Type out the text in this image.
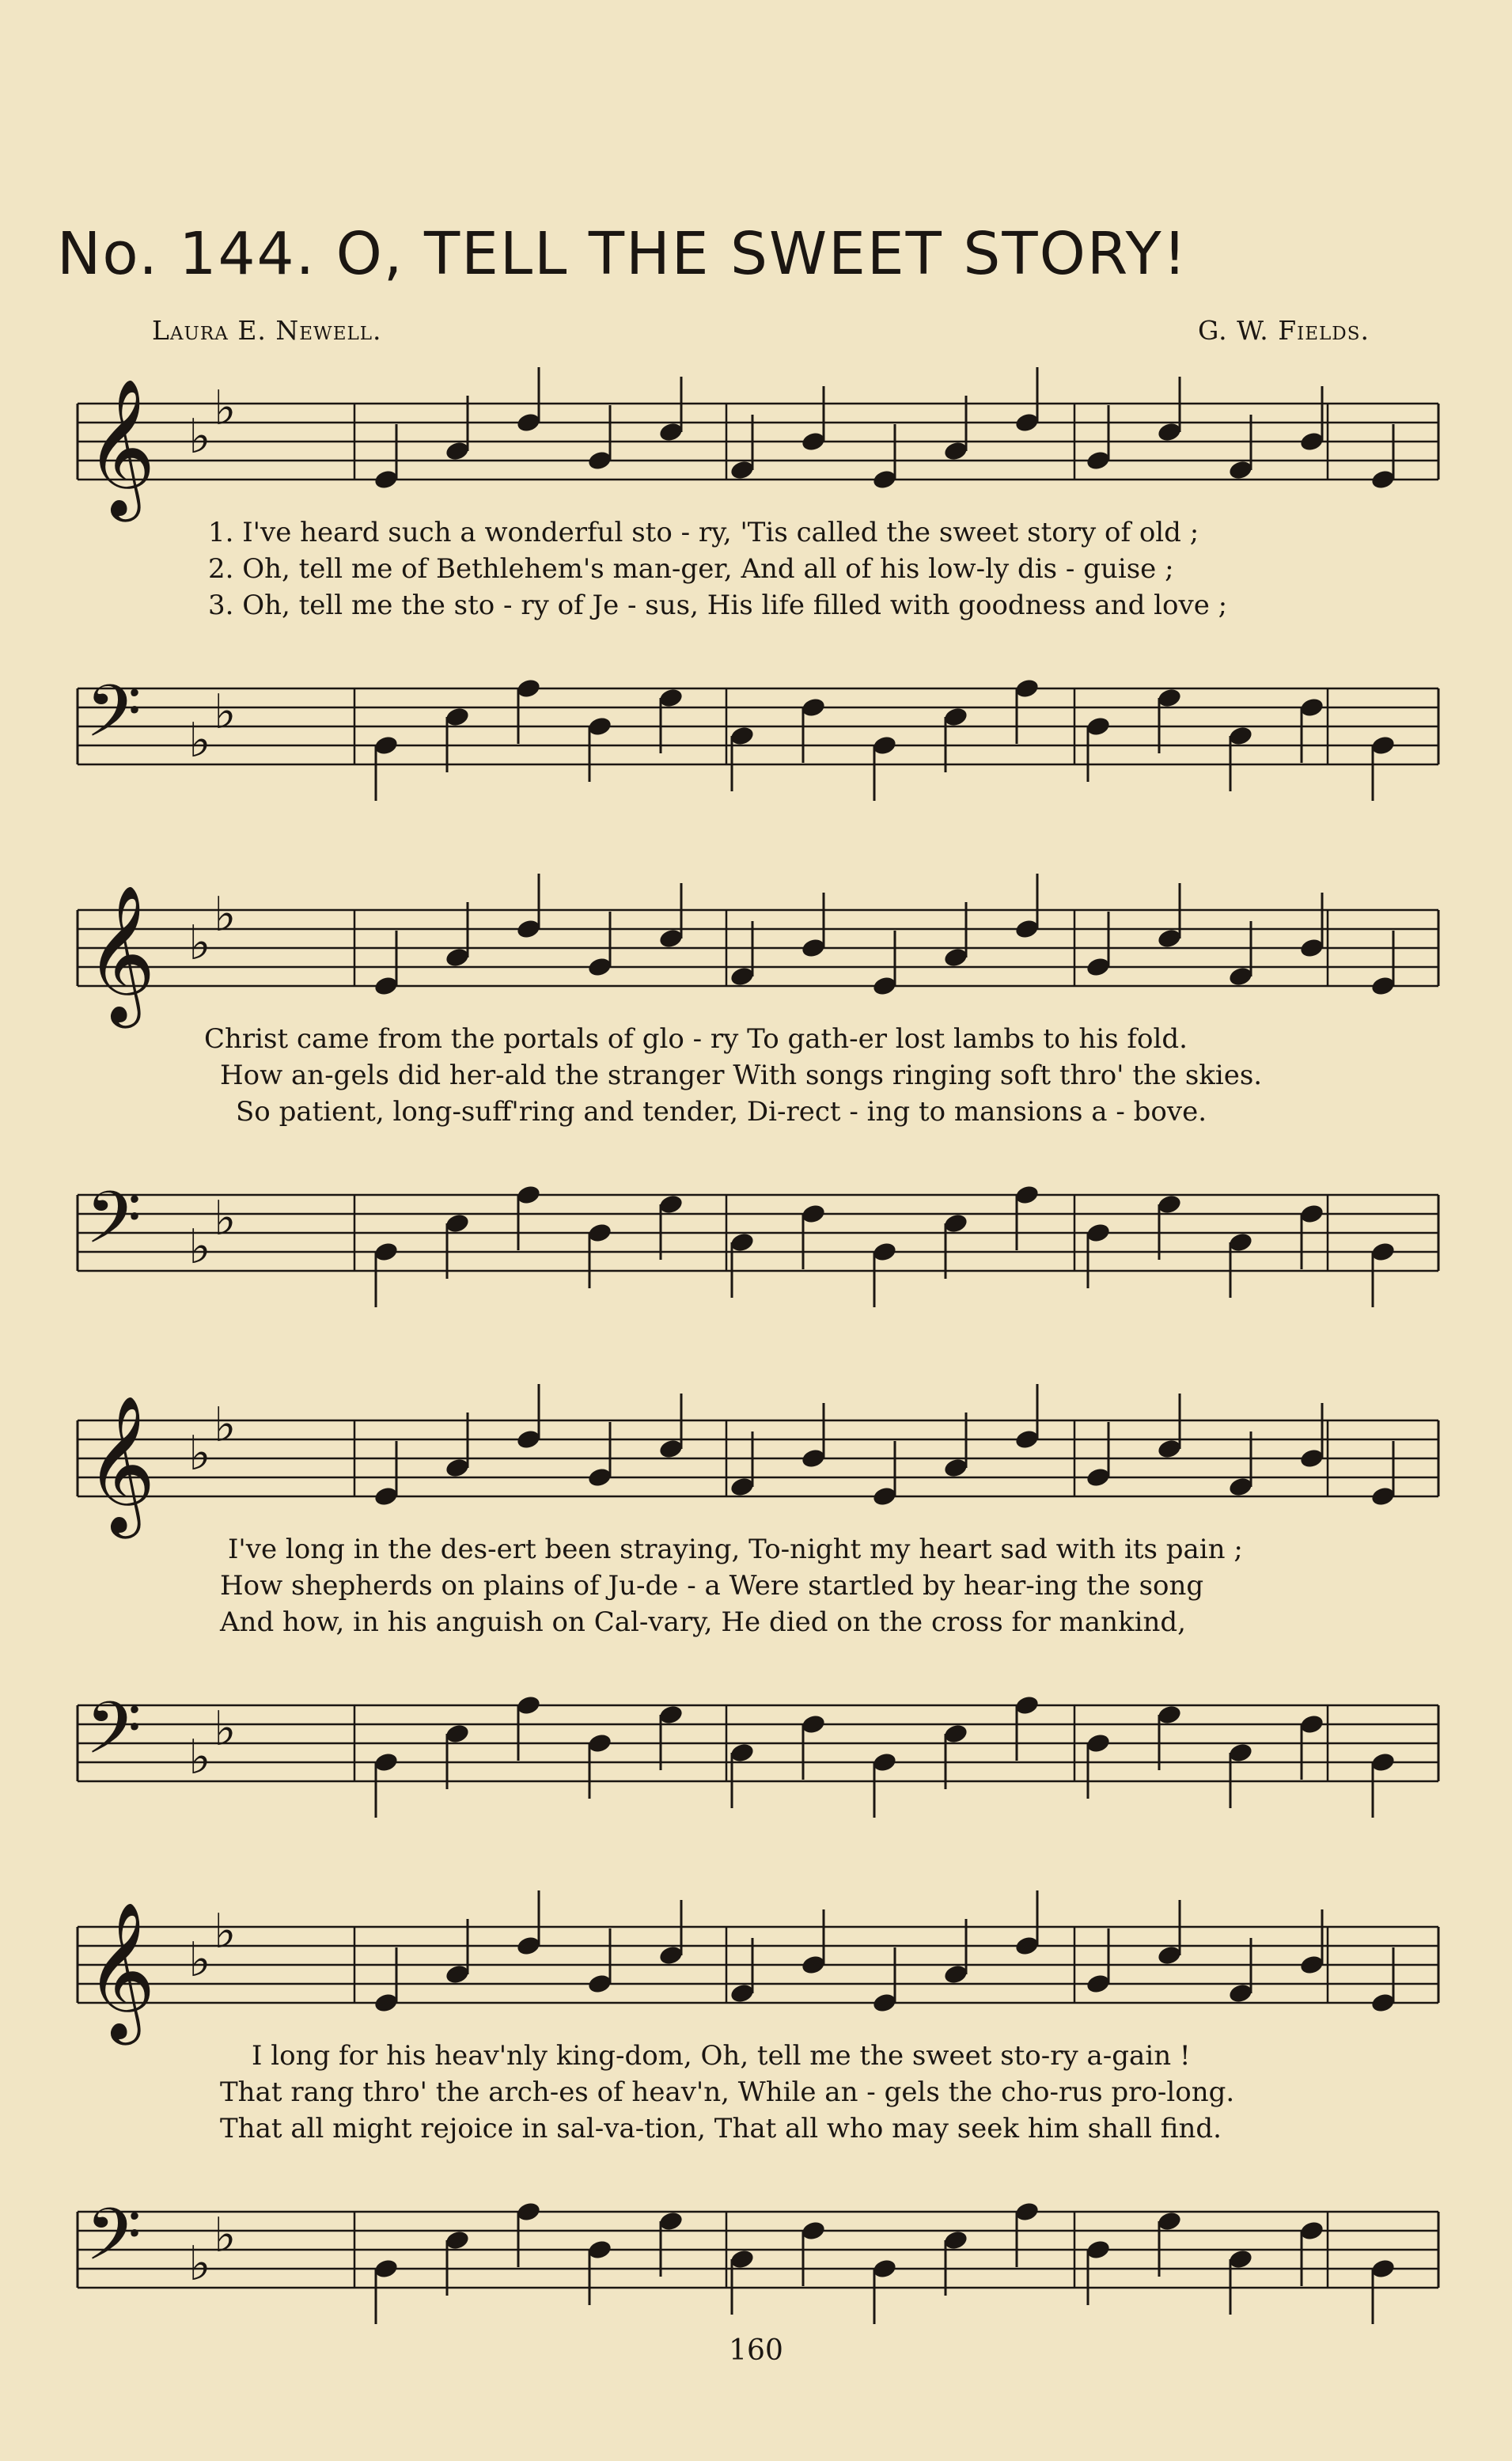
No. 144. O, TELL THE SWEET STORY!
Laura E. Newell.	G. W. Fields.
𝄞 ♭
♭
1. I've heard such a wonderful sto - ry, 'Tis called the sweet story of old ;
2. Oh, tell me of Bethlehem's man-ger, And all of his low-ly dis - guise ;
3. Oh, tell me the sto - ry of Je - sus, His life filled with goodness and love ;
𝄢 ♭
♭
𝄞 ♭
♭
Christ came from the portals of glo - ry To gath-er lost lambs to his fold.
How an-gels did her-ald the stranger With songs ringing soft thro' the skies.
So patient, long-suff'ring and tender, Di-rect - ing to mansions a - bove.
𝄢 ♭
♭
𝄞 ♭
♭
I've long in the des-ert been straying, To-night my heart sad with its pain ;
How shepherds on plains of Ju-de - a Were startled by hear-ing the song
And how, in his anguish on Cal-vary, He died on the cross for mankind,
𝄢 ♭
♭
𝄞 ♭
♭
I long for his heav'nly king-dom, Oh, tell me the sweet sto-ry a-gain !
That rang thro' the arch-es of heav'n, While an - gels the cho-rus pro-long.
That all might rejoice in sal-va-tion, That all who may seek him shall find.
𝄢 ♭
♭
160
